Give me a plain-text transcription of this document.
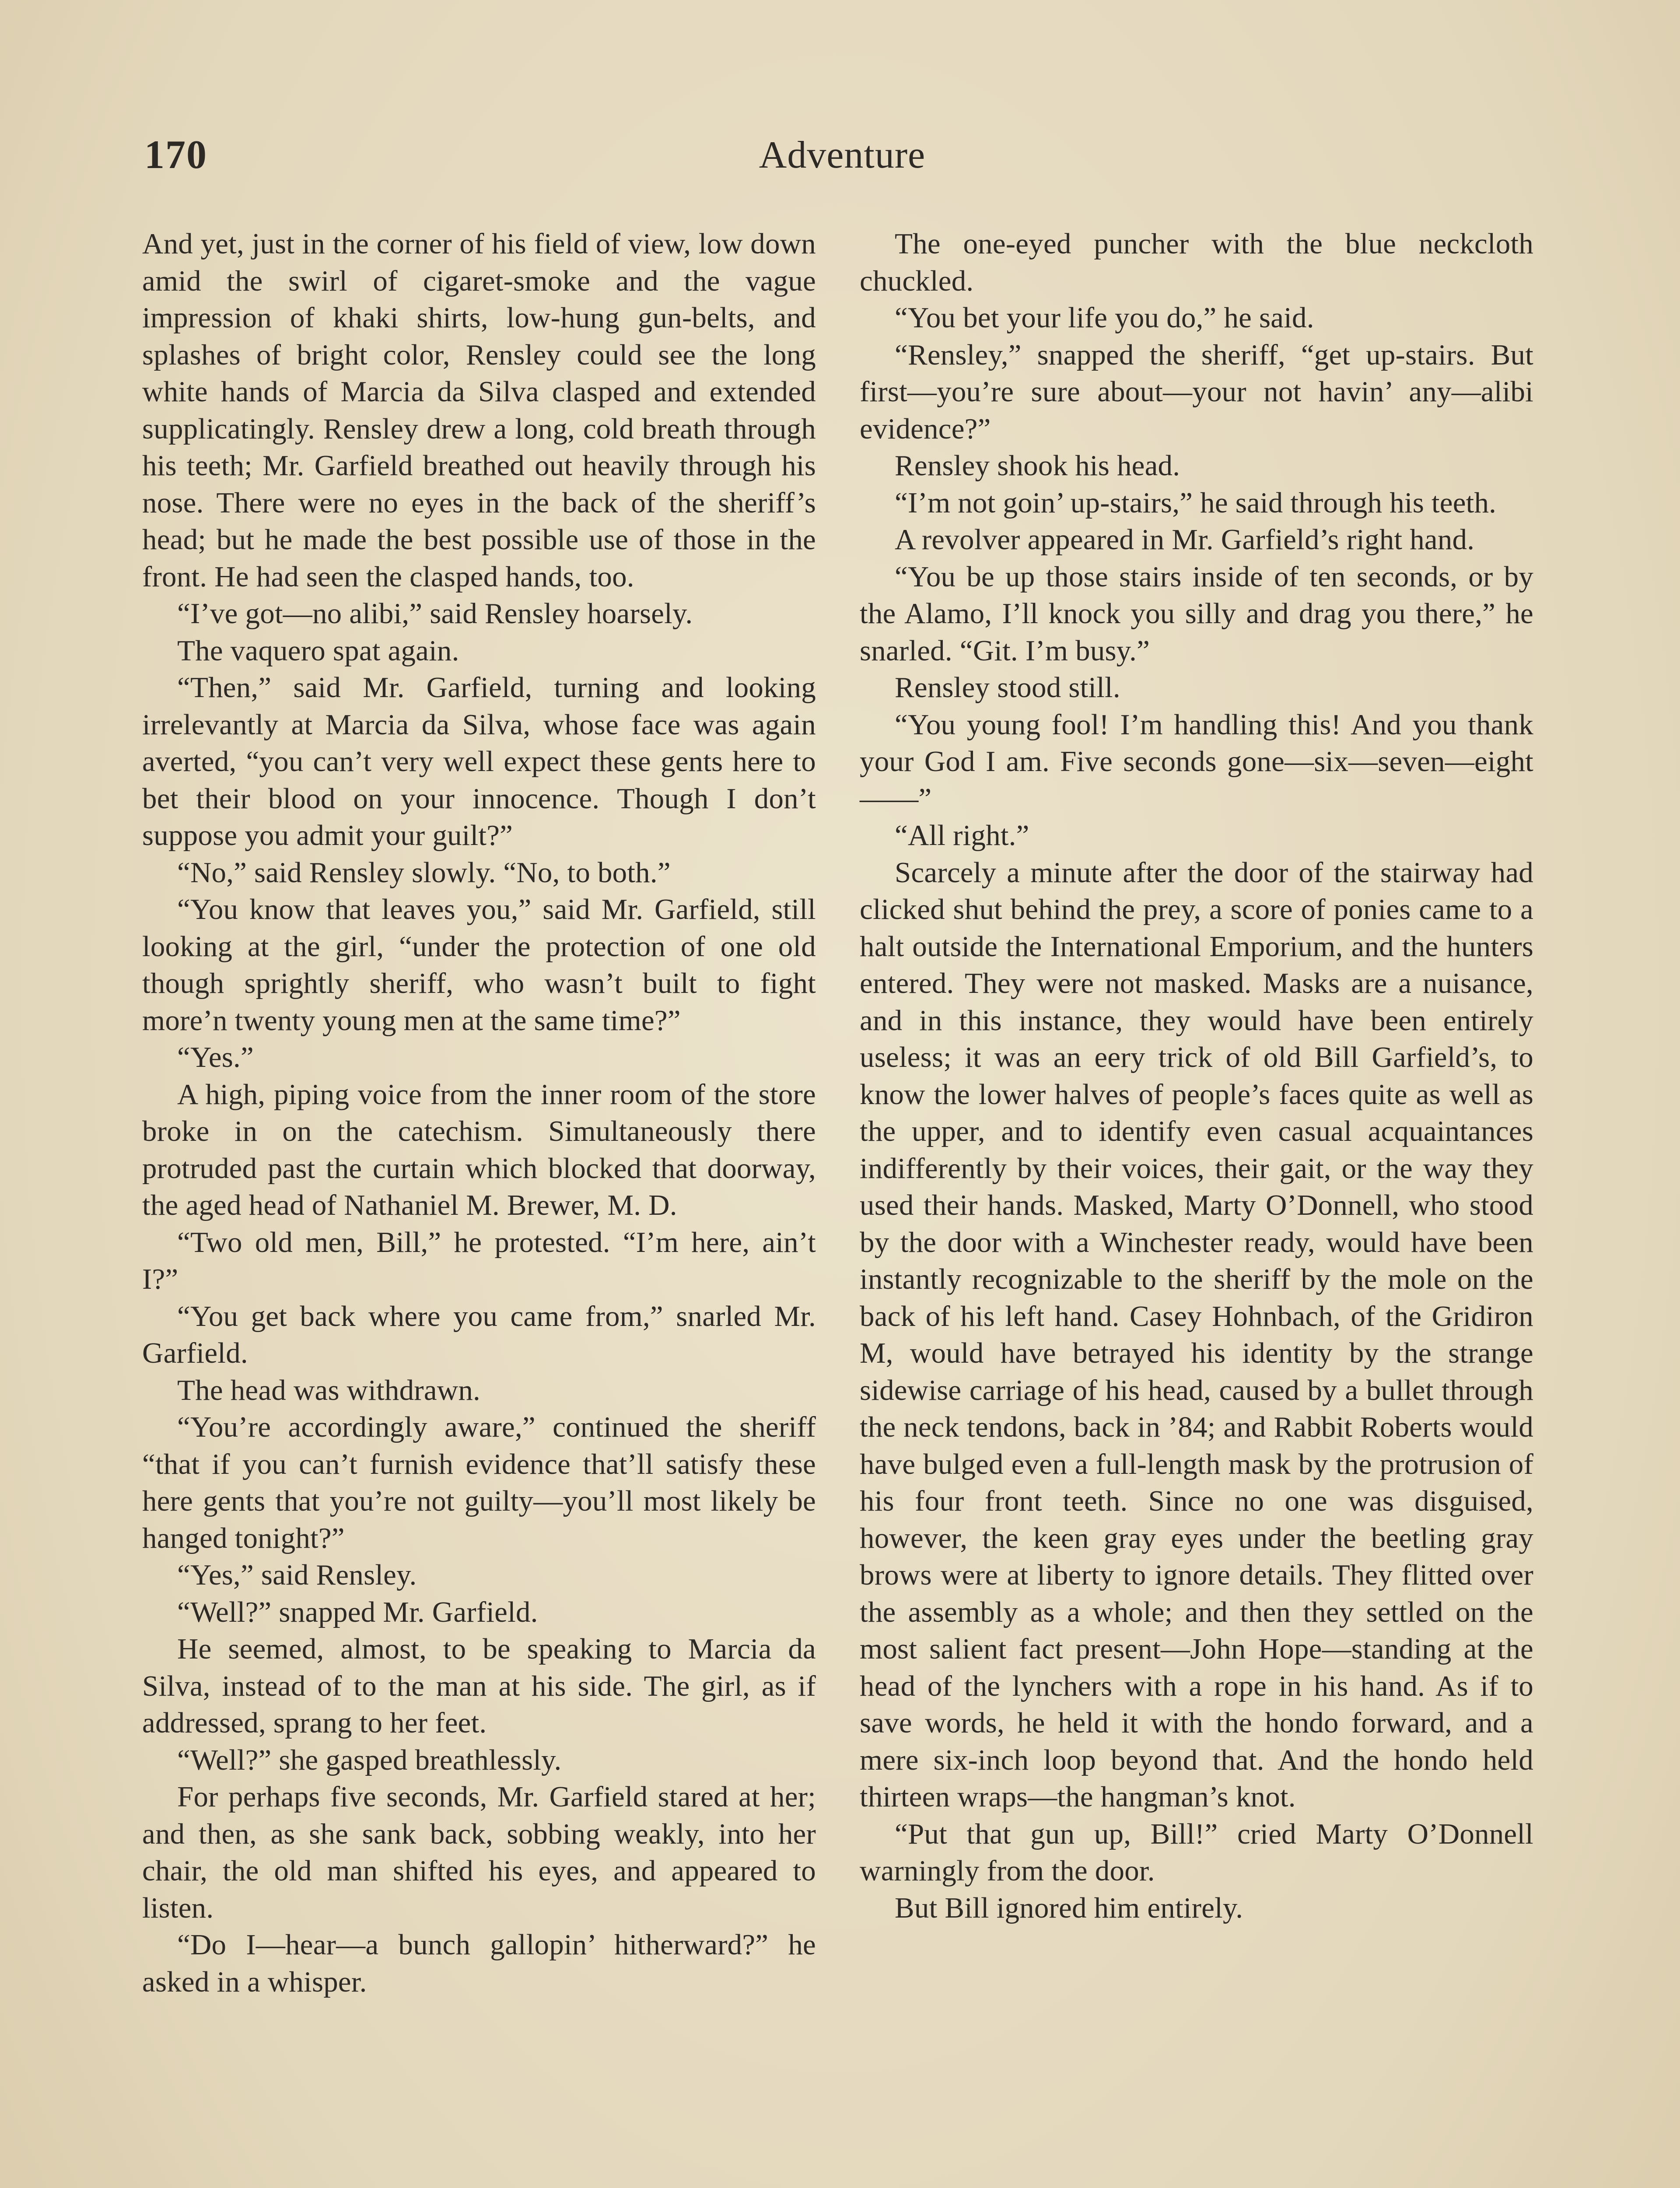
170	Adventure

And yet, just in the corner of his field of view, low down amid the swirl of cigaret-smoke and the vague impression of khaki shirts, low-hung gun-belts, and splashes of bright color, Rensley could see the long white hands of Marcia da Silva clasped and extended supplicatingly. Rensley drew a long, cold breath through his teeth; Mr. Garfield breathed out heavily through his nose. There were no eyes in the back of the sheriff’s head; but he made the best possible use of those in the front. He had seen the clasped hands, too.

“I’ve got—no alibi,” said Rensley hoarsely.

The vaquero spat again.

“Then,” said Mr. Garfield, turning and looking irrelevantly at Marcia da Silva, whose face was again averted, “you can’t very well expect these gents here to bet their blood on your innocence. Though I don’t suppose you admit your guilt?”

“No,” said Rensley slowly. “No, to both.”

“You know that leaves you,” said Mr. Garfield, still looking at the girl, “under the protection of one old though sprightly sheriff, who wasn’t built to fight more’n twenty young men at the same time?”

“Yes.”

A high, piping voice from the inner room of the store broke in on the catechism. Simultaneously there protruded past the curtain which blocked that doorway, the aged head of Nathaniel M. Brewer, M. D.

“Two old men, Bill,” he protested. “I’m here, ain’t I?”

“You get back where you came from,” snarled Mr. Garfield.

The head was withdrawn.

“You’re accordingly aware,” continued the sheriff “that if you can’t furnish evidence that’ll satisfy these here gents that you’re not guilty—you’ll most likely be hanged tonight?”

“Yes,” said Rensley.

“Well?” snapped Mr. Garfield.

He seemed, almost, to be speaking to Marcia da Silva, instead of to the man at his side. The girl, as if addressed, sprang to her feet.

“Well?” she gasped breathlessly.

For perhaps five seconds, Mr. Garfield stared at her; and then, as she sank back, sobbing weakly, into her chair, the old man shifted his eyes, and appeared to listen.

“Do I—hear—a bunch gallopin’ hitherward?” he asked in a whisper.

The one-eyed puncher with the blue neckcloth chuckled.

“You bet your life you do,” he said.

“Rensley,” snapped the sheriff, “get up-stairs. But first—you’re sure about—your not havin’ any—alibi evidence?”

Rensley shook his head.

“I’m not goin’ up-stairs,” he said through his teeth.

A revolver appeared in Mr. Garfield’s right hand.

“You be up those stairs inside of ten seconds, or by the Alamo, I’ll knock you silly and drag you there,” he snarled. “Git. I’m busy.”

Rensley stood still.

“You young fool! I’m handling this! And you thank your God I am. Five seconds gone—six—seven—eight——”

“All right.”

Scarcely a minute after the door of the stairway had clicked shut behind the prey, a score of ponies came to a halt outside the International Emporium, and the hunters entered. They were not masked. Masks are a nuisance, and in this instance, they would have been entirely useless; it was an eery trick of old Bill Garfield’s, to know the lower halves of people’s faces quite as well as the upper, and to identify even casual acquaintances indifferently by their voices, their gait, or the way they used their hands. Masked, Marty O’Donnell, who stood by the door with a Winchester ready, would have been instantly recognizable to the sheriff by the mole on the back of his left hand. Casey Hohnbach, of the Gridiron M, would have betrayed his identity by the strange sidewise carriage of his head, caused by a bullet through the neck tendons, back in ’84; and Rabbit Roberts would have bulged even a full-length mask by the protrusion of his four front teeth. Since no one was disguised, however, the keen gray eyes under the beetling gray brows were at liberty to ignore details. They flitted over the assembly as a whole; and then they settled on the most salient fact present—John Hope—standing at the head of the lynchers with a rope in his hand. As if to save words, he held it with the hondo forward, and a mere six-inch loop beyond that. And the hondo held thirteen wraps—the hangman’s knot.

“Put that gun up, Bill!” cried Marty O’Donnell warningly from the door.

But Bill ignored him entirely.
